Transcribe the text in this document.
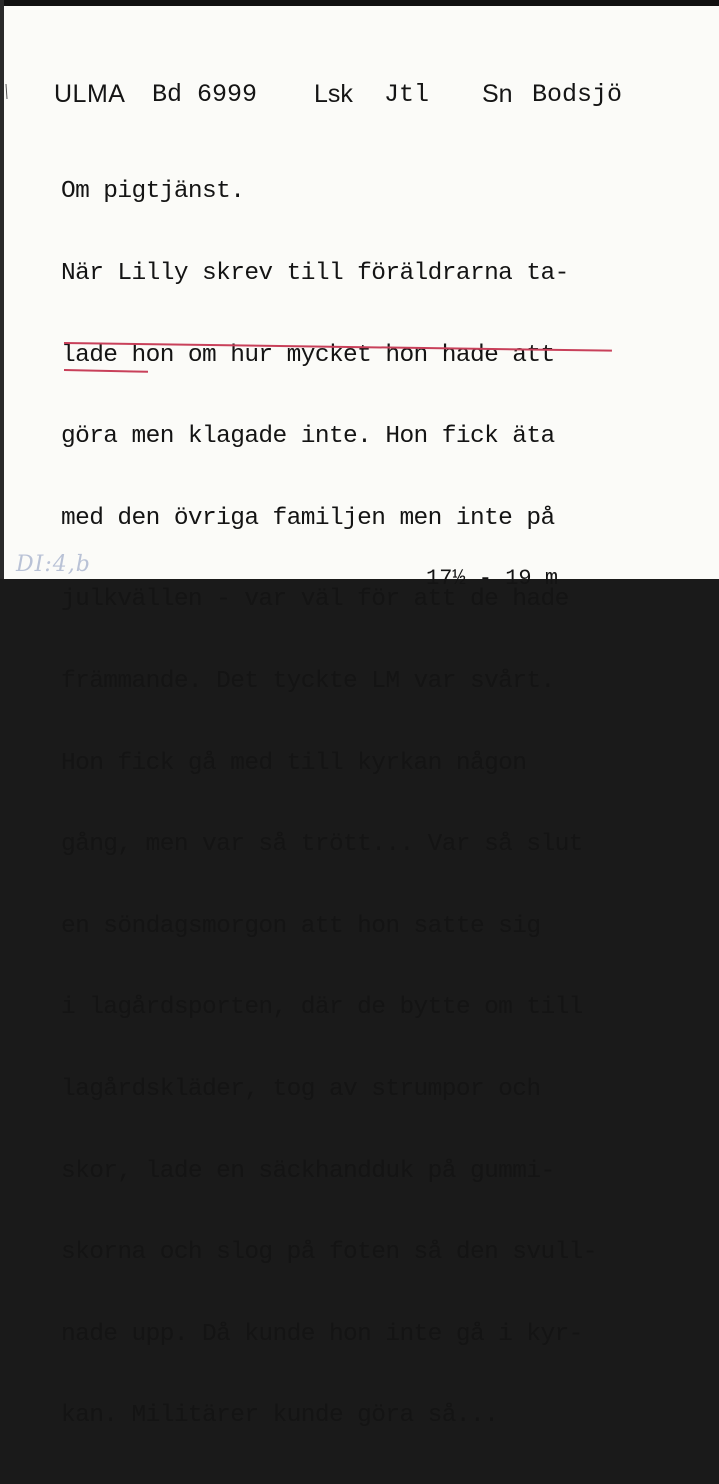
ULMA Bd 6999 Lsk Jtl Sn Bodsjö

Om pigtjänst.

När Lilly skrev till föräldrarna ta-

lade hon om hur mycket hon hade att

göra men klagade inte. Hon fick äta

med den övriga familjen men inte på

julkvällen - var väl för att de hade

främmande. Det tyckte LM var svårt.

Hon fick gå med till kyrkan någon

gång, men var så trött... Var så slut

en söndagsmorgon att hon satte sig

i lagårdsporten, där de bytte om till

lagårdskläder, tog av strumpor och

skor, lade en säckhandduk på gummi-

skorna och slog på foten så den svull-

nade upp. Då kunde hon inte gå i kyr-

kan. Militärer kunde göra så...

DI:4,b
17½ - 19 m
